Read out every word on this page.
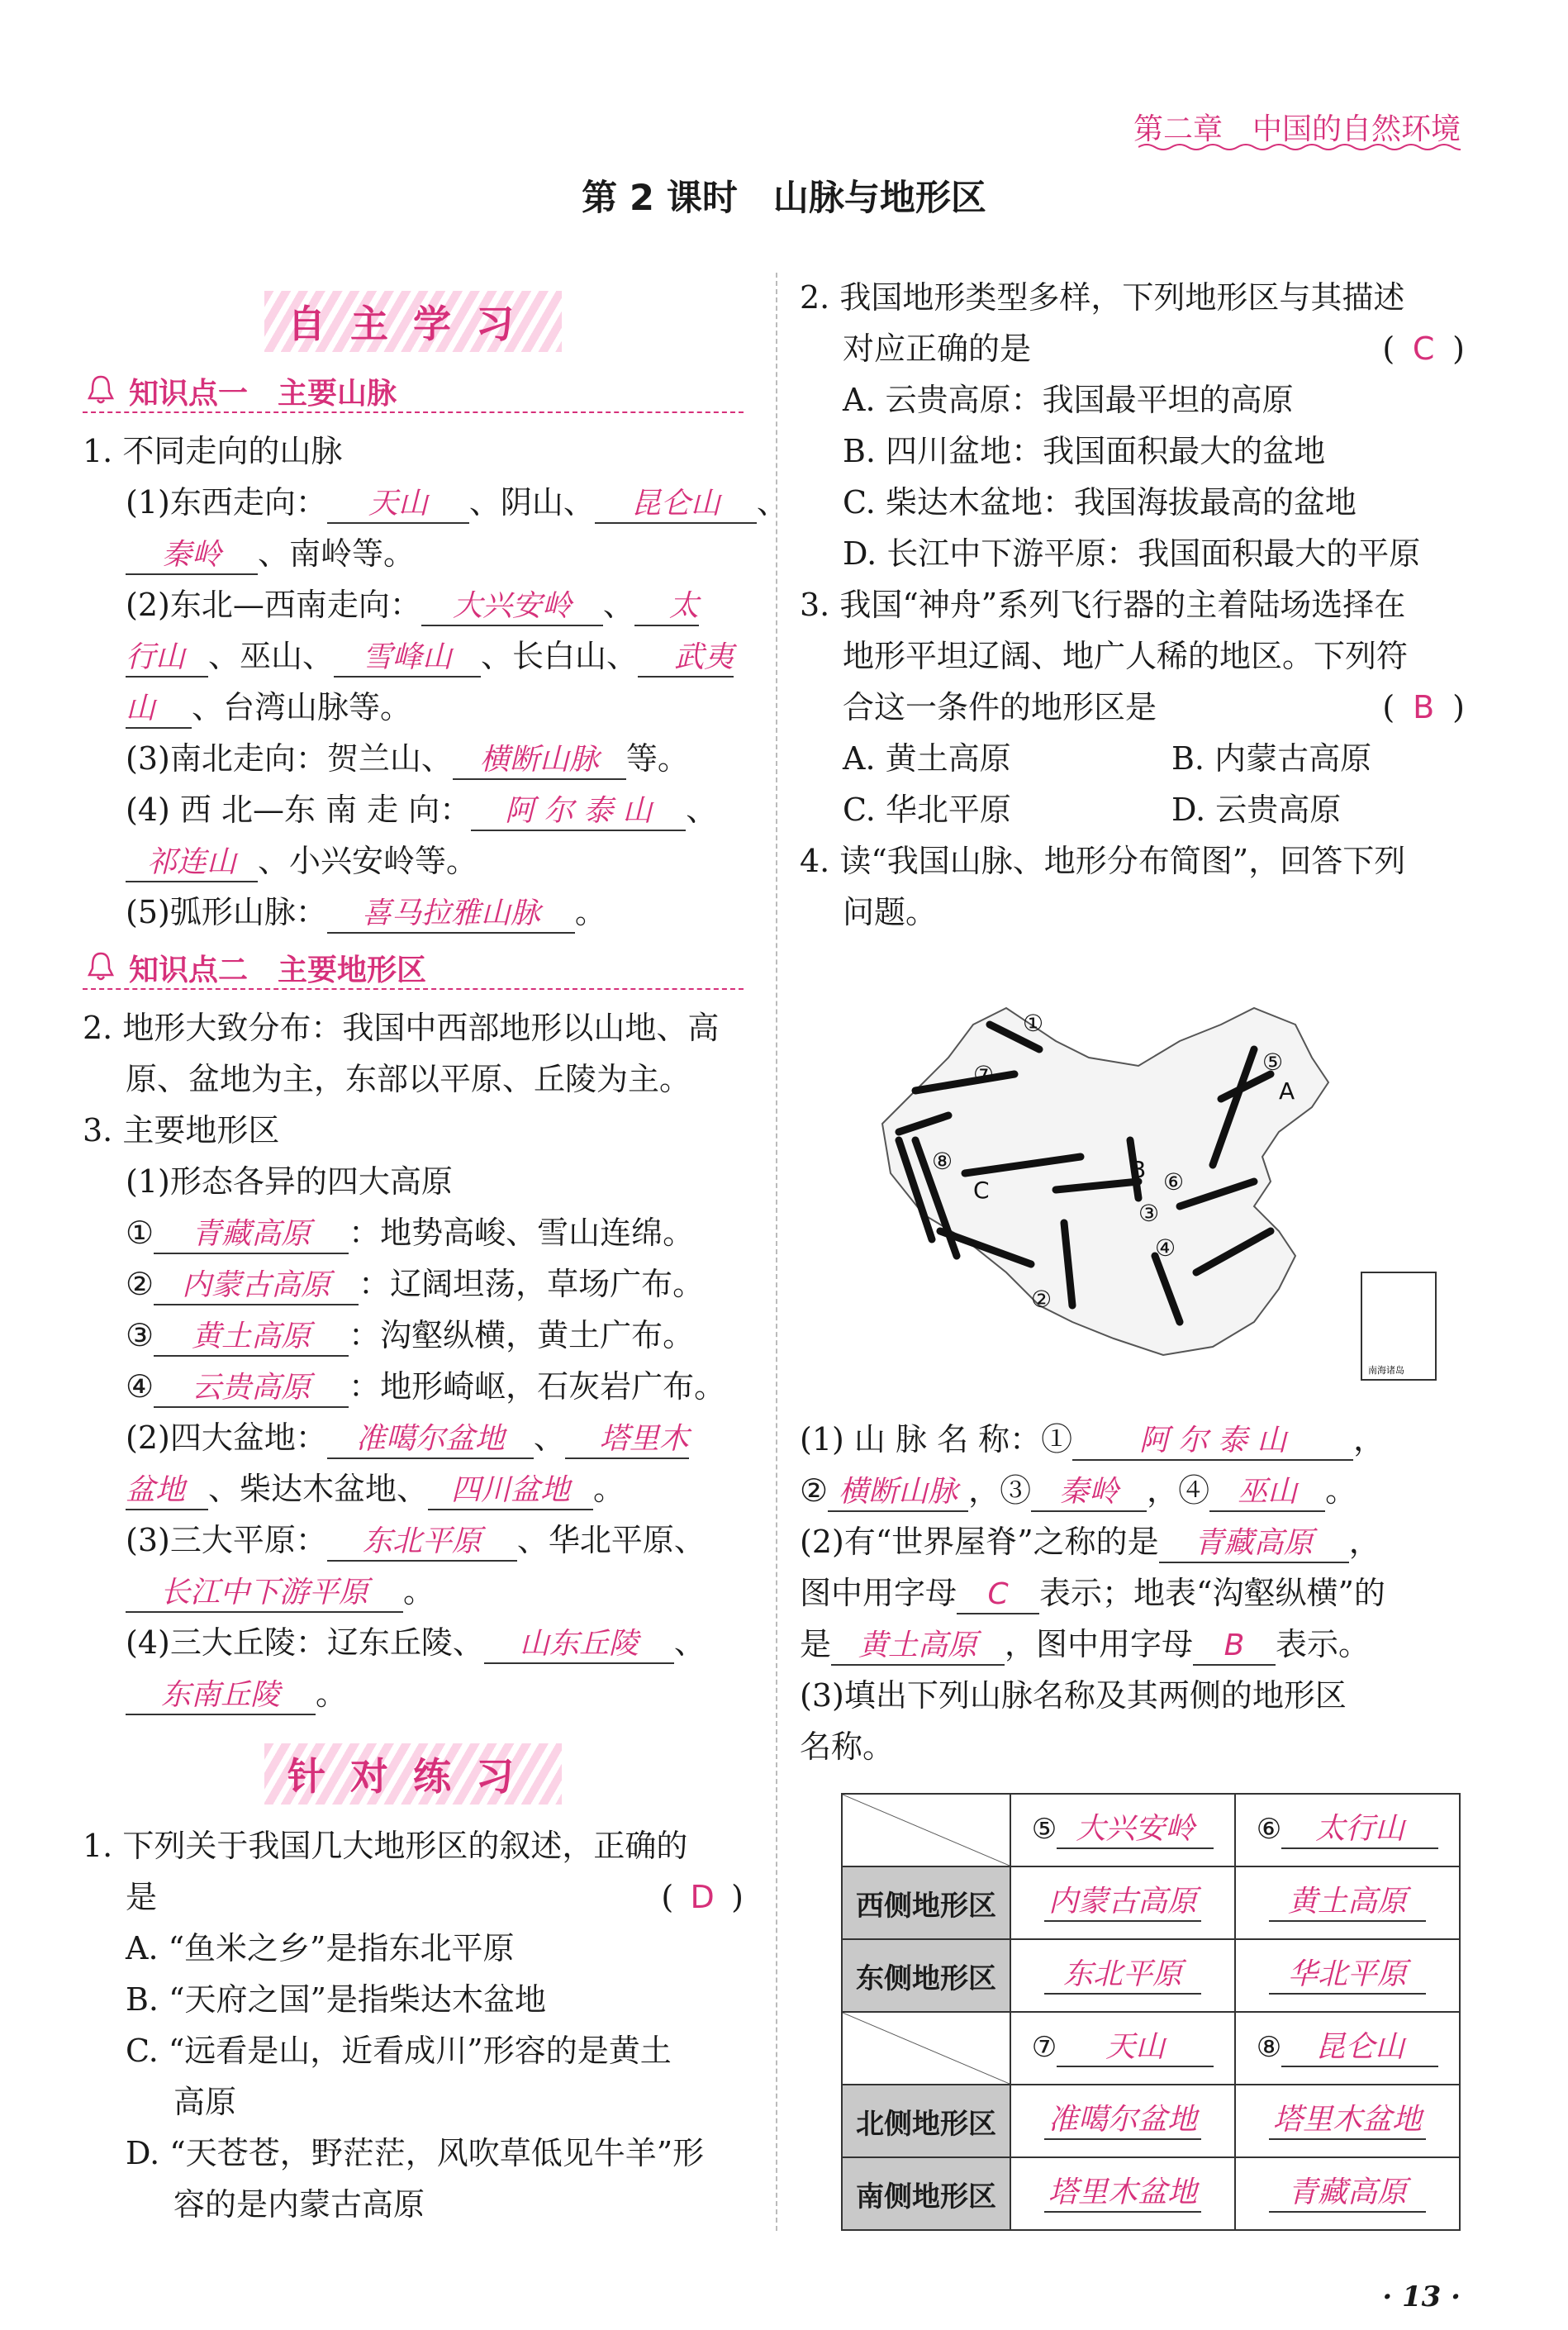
第二章　中国的自然环境
第 2 课时　山脉与地形区
自主学习
知识点一　主要山脉
1. 不同走向的山脉
(1)东西走向： 天山 、阴山、 昆仑山 、
秦岭 、南岭等。
(2)东北—西南走向： 大兴安岭 、 太
行山 、巫山、 雪峰山 、长白山、 武夷
山 、台湾山脉等。
(3)南北走向：贺兰山、 横断山脉 等。
(4) 西 北—东 南 走 向： 阿 尔 泰 山 、
祁连山 、小兴安岭等。
(5)弧形山脉： 喜马拉雅山脉 。
知识点二　主要地形区
2. 地形大致分布：我国中西部地形以山地、高
原、盆地为主，东部以平原、丘陵为主。
3. 主要地形区
(1)形态各异的四大高原
① 青藏高原 ：地势高峻、雪山连绵。
② 内蒙古高原 ：辽阔坦荡，草场广布。
③ 黄土高原 ：沟壑纵横，黄土广布。
④ 云贵高原 ：地形崎岖，石灰岩广布。
(2)四大盆地： 准噶尔盆地 、 塔里木
盆地 、柴达木盆地、 四川盆地 。
(3)三大平原： 东北平原 、华北平原、
长江中下游平原 。
(4)三大丘陵：辽东丘陵、 山东丘陵 、
东南丘陵 。
针对练习
1. 下列关于我国几大地形区的叙述，正确的
是	( D )
A. “鱼米之乡”是指东北平原
B. “天府之国”是指柴达木盆地
C. “远看是山，近看成川”形容的是黄土
高原
D. “天苍苍，野茫茫，风吹草低见牛羊”形
容的是内蒙古高原
2. 我国地形类型多样，下列地形区与其描述
对应正确的是	( C )
A. 云贵高原：我国最平坦的高原
B. 四川盆地：我国面积最大的盆地
C. 柴达木盆地：我国海拔最高的盆地
D. 长江中下游平原：我国面积最大的平原
3. 我国“神舟”系列飞行器的主着陆场选择在
地形平坦辽阔、地广人稀的地区。下列符
合这一条件的地形区是	( B )
A. 黄土高原	B. 内蒙古高原
C. 华北平原	D. 云贵高原
4. 读“我国山脉、地形分布简图”，回答下列
问题。
①
②
③
④
⑤
⑥
⑦
⑧
A
B
C
南海诸岛
(1) 山 脉 名 称：① 阿 尔 泰 山 ，
② 横断山脉 ，③ 秦岭 ，④ 巫山 。
(2)有“世界屋脊”之称的是 青藏高原 ，
图中用字母 C 表示；地表“沟壑纵横”的
是 黄土高原 ，图中用字母 B 表示。
(3)填出下列山脉名称及其两侧的地形区
名称。
	⑤ 大兴安岭	⑥ 太行山
西侧地形区	内蒙古高原	黄土高原
东侧地形区	东北平原	华北平原
	⑦ 天山	⑧ 昆仑山
北侧地形区	准噶尔盆地	塔里木盆地
南侧地形区	塔里木盆地	青藏高原
· 13 ·
